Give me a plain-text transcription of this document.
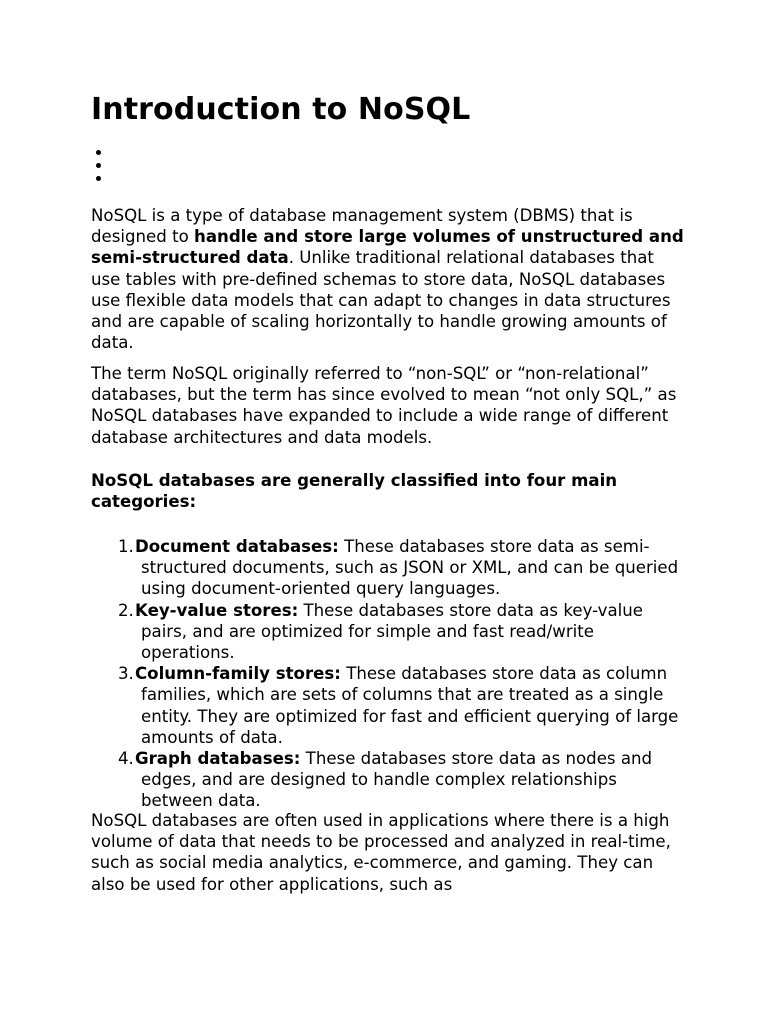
Introduction to NoSQL

NoSQL is a type of database management system (DBMS) that is designed to handle and store large volumes of unstructured and semi-structured data. Unlike traditional relational databases that use tables with pre-defined schemas to store data, NoSQL databases use flexible data models that can adapt to changes in data structures and are capable of scaling horizontally to handle growing amounts of data.

The term NoSQL originally referred to “non-SQL” or “non-relational” databases, but the term has since evolved to mean “not only SQL,” as NoSQL databases have expanded to include a wide range of different database architectures and data models.

NoSQL databases are generally classified into four main categories:

1. Document databases: These databases store data as semi-structured documents, such as JSON or XML, and can be queried using document-oriented query languages.
2. Key-value stores: These databases store data as key-value pairs, and are optimized for simple and fast read/write operations.
3. Column-family stores: These databases store data as column families, which are sets of columns that are treated as a single entity. They are optimized for fast and efficient querying of large amounts of data.
4. Graph databases: These databases store data as nodes and edges, and are designed to handle complex relationships between data.

NoSQL databases are often used in applications where there is a high volume of data that needs to be processed and analyzed in real-time, such as social media analytics, e-commerce, and gaming. They can also be used for other applications, such as
